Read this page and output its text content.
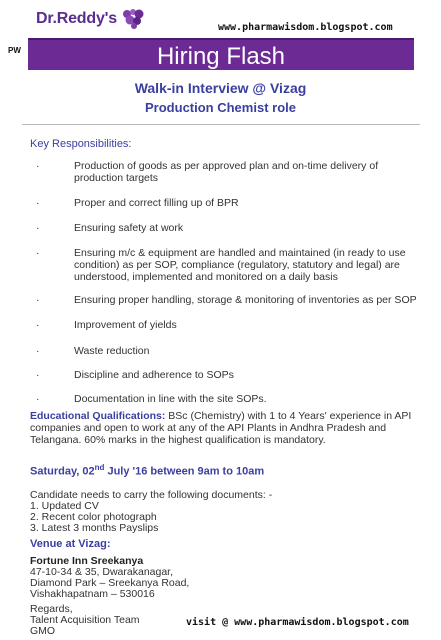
Dr.Reddy's
www.pharmawisdom.blogspot.com
PW	Hiring Flash
Walk-in Interview @ Vizag
Production Chemist role
Key Responsibilities:
·	Production of goods as per approved plan and on-time delivery of production targets
·	Proper and correct filling up of BPR
·	Ensuring safety at work
·	Ensuring m/c & equipment are handled and maintained (in ready to use condition) as per SOP, compliance (regulatory, statutory and legal) are understood, implemented and monitored on a daily basis
·	Ensuring proper handling, storage & monitoring of inventories as per SOP
·	Improvement of yields
·	Waste reduction
·	Discipline and adherence to SOPs
·	Documentation in line with the site SOPs.
Educational Qualifications: BSc (Chemistry) with 1 to 4 Years' experience in API companies and open to work at any of the API Plants in Andhra Pradesh and Telangana. 60% marks in the highest qualification is mandatory.
Saturday, 02nd July '16 between 9am to 10am
Candidate needs to carry the following documents: -
1. Updated CV
2. Recent color photograph
3. Latest 3 months Payslips
Venue at Vizag:
Fortune Inn Sreekanya
47-10-34 & 35, Dwarakanagar,
Diamond Park – Sreekanya Road,
Vishakhapatnam – 530016
Regards,
Talent Acquisition Team
GMO
visit @ www.pharmawisdom.blogspot.com
